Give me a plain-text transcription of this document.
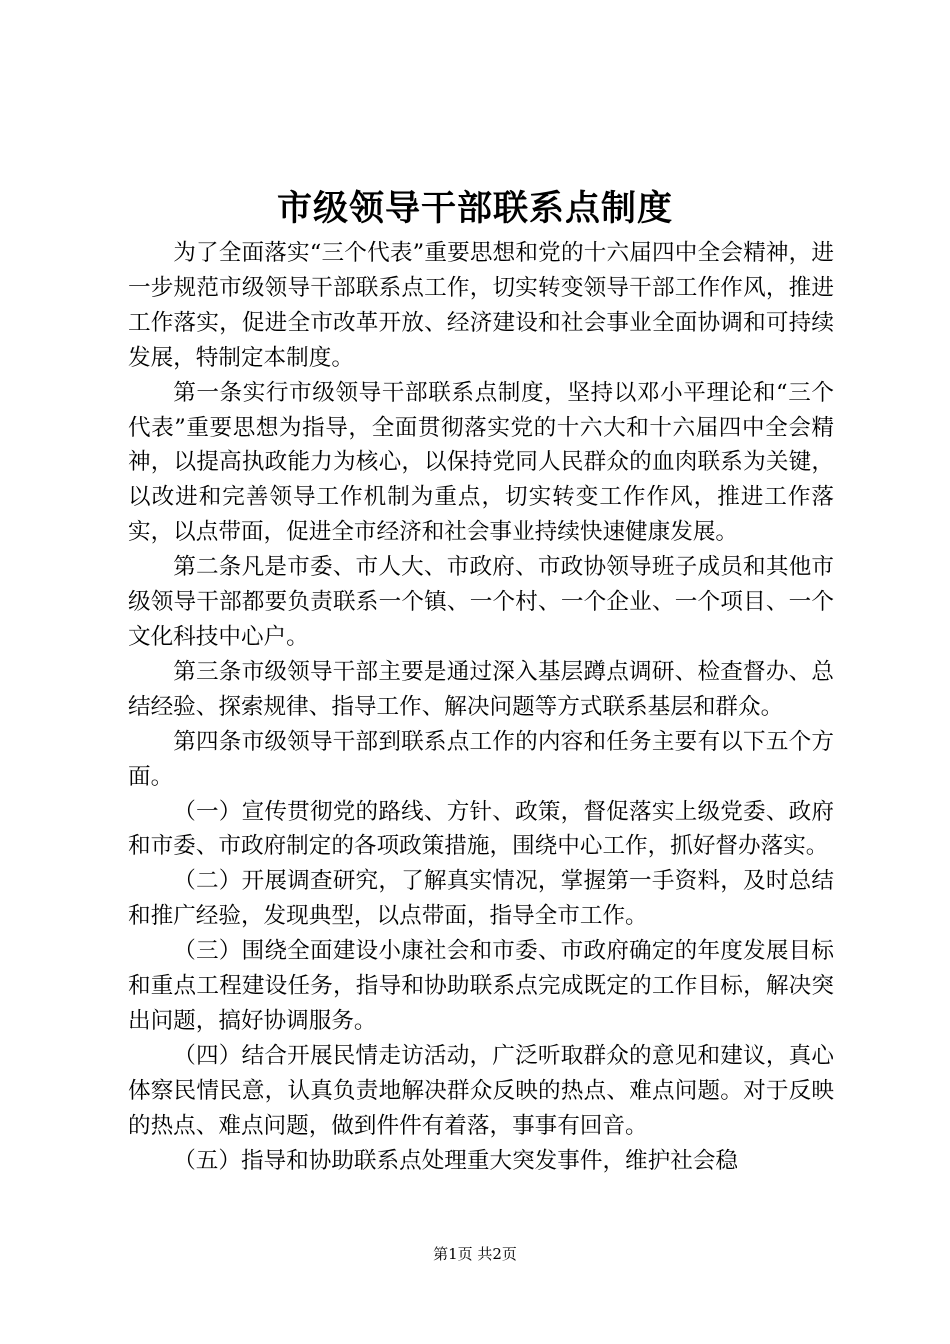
市级领导干部联系点制度

为了全面落实“三个代表”重要思想和党的十六届四中全会精神，进一步规范市级领导干部联系点工作，切实转变领导干部工作作风，推进工作落实，促进全市改革开放、经济建设和社会事业全面协调和可持续发展，特制定本制度。

第一条实行市级领导干部联系点制度，坚持以邓小平理论和“三个代表”重要思想为指导，全面贯彻落实党的十六大和十六届四中全会精神，以提高执政能力为核心，以保持党同人民群众的血肉联系为关键，以改进和完善领导工作机制为重点，切实转变工作作风，推进工作落实，以点带面，促进全市经济和社会事业持续快速健康发展。

第二条凡是市委、市人大、市政府、市政协领导班子成员和其他市级领导干部都要负责联系一个镇、一个村、一个企业、一个项目、一个文化科技中心户。

第三条市级领导干部主要是通过深入基层蹲点调研、检查督办、总结经验、探索规律、指导工作、解决问题等方式联系基层和群众。

第四条市级领导干部到联系点工作的内容和任务主要有以下五个方面。

（一）宣传贯彻党的路线、方针、政策，督促落实上级党委、政府和市委、市政府制定的各项政策措施，围绕中心工作，抓好督办落实。

（二）开展调查研究，了解真实情况，掌握第一手资料，及时总结和推广经验，发现典型，以点带面，指导全市工作。

（三）围绕全面建设小康社会和市委、市政府确定的年度发展目标和重点工程建设任务，指导和协助联系点完成既定的工作目标，解决突出问题，搞好协调服务。

（四）结合开展民情走访活动，广泛听取群众的意见和建议，真心体察民情民意，认真负责地解决群众反映的热点、难点问题。对于反映的热点、难点问题，做到件件有着落，事事有回音。

（五）指导和协助联系点处理重大突发事件，维护社会稳

第1页 共2页
